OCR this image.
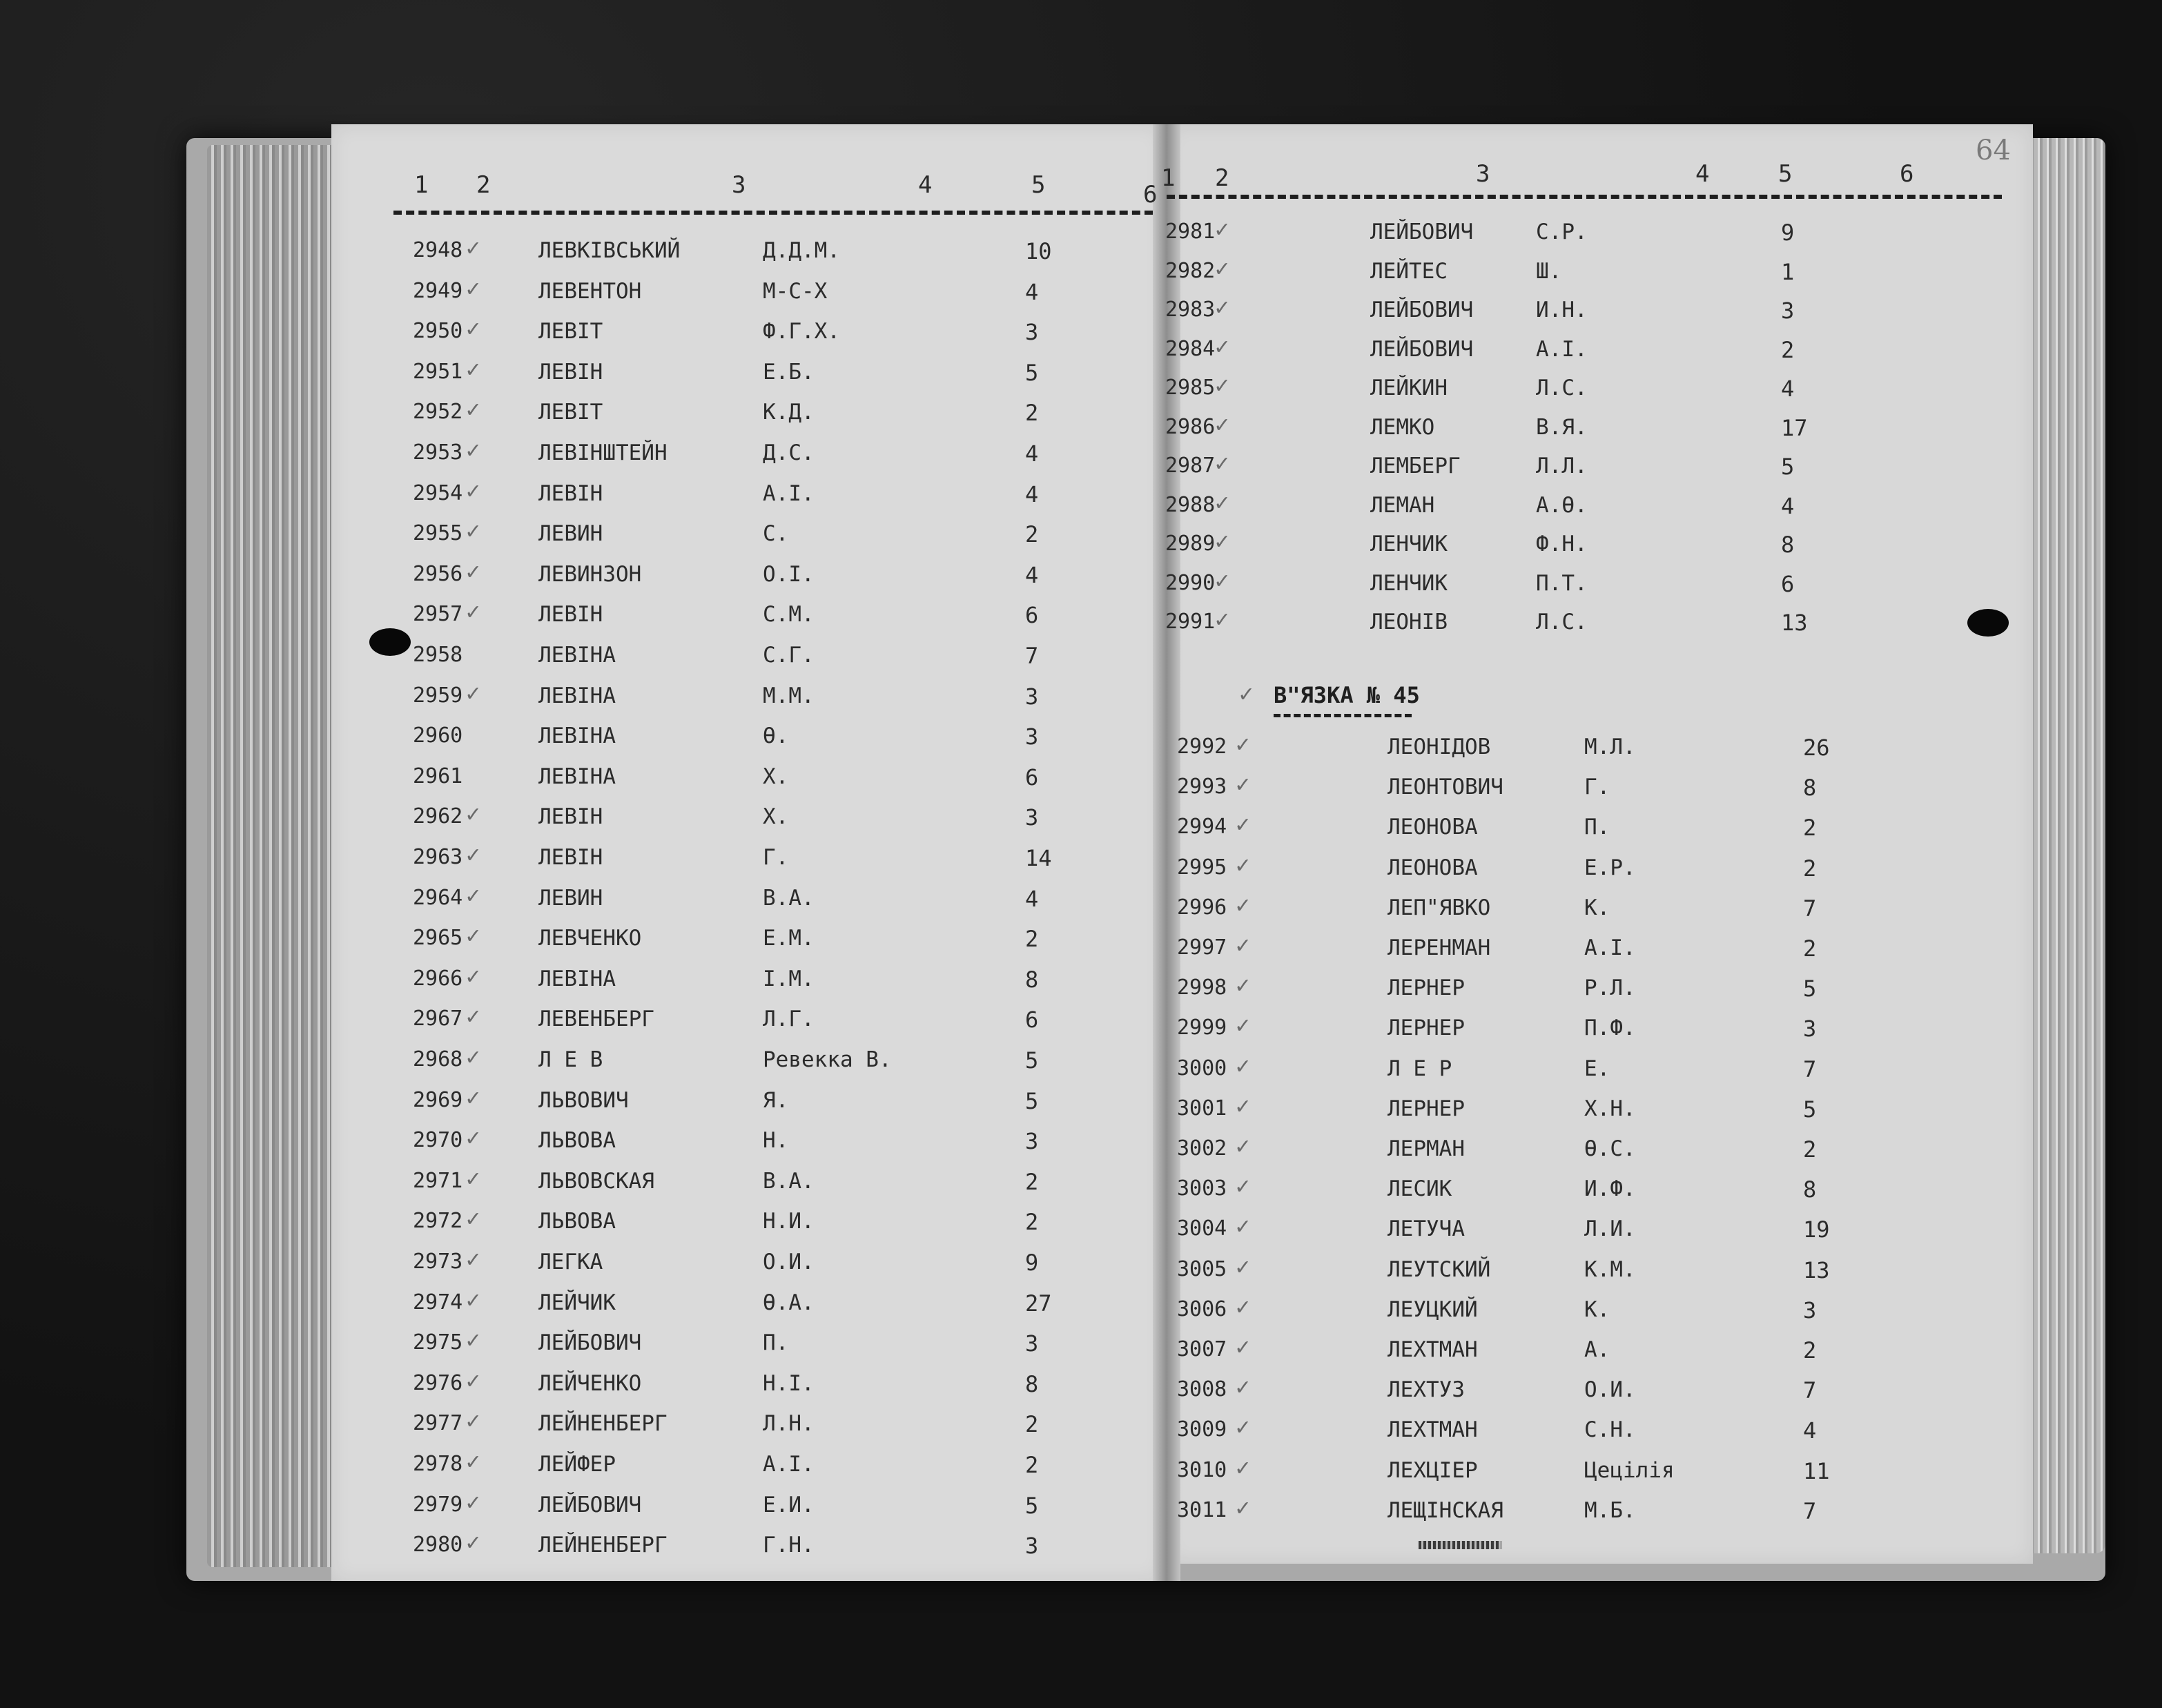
1 2	3	4	5	6
1 2	3	4	5	6
64
2948 ✓	ЛЕВКІВСЬКИЙ	Д.Д.М.	10
2949 ✓	ЛЕВЕНТОН	М-С-Х	4
2950 ✓	ЛЕВІТ	Ф.Г.Х.	3
2951 ✓	ЛЕВІН	Е.Б.	5
2952 ✓	ЛЕВІТ	К.Д.	2
2953 ✓	ЛЕВІНШТЕЙН	Д.С.	4
2954 ✓	ЛЕВІН	А.І.	4
2955 ✓	ЛЕВИН	С.	2
2956 ✓	ЛЕВИНЗОН	О.І.	4
2957 ✓	ЛЕВІН	С.М.	6
2958	ЛЕВІНА	С.Г.	7
2959 ✓	ЛЕВІНА	М.М.	3
2960	ЛЕВІНА	Ѳ.	3
2961	ЛЕВІНА	Х.	6
2962 ✓	ЛЕВІН	Х.	3
2963 ✓	ЛЕВІН	Г.	14
2964 ✓	ЛЕВИН	В.А.	4
2965 ✓	ЛЕВЧЕНКО	Е.М.	2
2966 ✓	ЛЕВІНА	І.М.	8
2967 ✓	ЛЕВЕНБЕРГ	Л.Г.	6
2968 ✓	Л Е В	Ревекка В.	5
2969 ✓	ЛЬВОВИЧ	Я.	5
2970 ✓	ЛЬВОВА	Н.	3
2971 ✓	ЛЬВОВСКАЯ	В.А.	2
2972 ✓	ЛЬВОВА	Н.И.	2
2973 ✓	ЛЕГКА	О.И.	9
2974 ✓	ЛЕЙЧИК	Ѳ.А.	27
2975 ✓	ЛЕЙБОВИЧ	П.	3
2976 ✓	ЛЕЙЧЕНКО	Н.І.	8
2977 ✓	ЛЕЙНЕНБЕРГ	Л.Н.	2
2978 ✓	ЛЕЙФЕР	А.І.	2
2979 ✓	ЛЕЙБОВИЧ	Е.И.	5
2980 ✓	ЛЕЙНЕНБЕРГ	Г.Н.	3
2981 ✓	ЛЕЙБОВИЧ	С.Р.	9
2982 ✓	ЛЕЙТЕС	Ш.	1
2983 ✓	ЛЕЙБОВИЧ	И.Н.	3
2984 ✓	ЛЕЙБОВИЧ	А.І.	2
2985 ✓	ЛЕЙКИН	Л.С.	4
2986 ✓	ЛЕМКО	В.Я.	17
2987 ✓	ЛЕМБЕРГ	Л.Л.	5
2988 ✓	ЛЕМАН	А.Ѳ.	4
2989 ✓	ЛЕНЧИК	Ф.Н.	8
2990 ✓	ЛЕНЧИК	П.Т.	6
2991 ✓	ЛЕОНІВ	Л.С.	13
✓ В"ЯЗКА № 45
2992 ✓	ЛЕОНІДОВ	М.Л.	26
2993 ✓	ЛЕОНТОВИЧ	Г.	8
2994 ✓	ЛЕОНОВА	П.	2
2995 ✓	ЛЕОНОВА	Е.Р.	2
2996 ✓	ЛЕП"ЯВКО	К.	7
2997 ✓	ЛЕРЕНМАН	А.І.	2
2998 ✓	ЛЕРНЕР	Р.Л.	5
2999 ✓	ЛЕРНЕР	П.Ф.	3
3000 ✓	Л Е Р	Е.	7
3001 ✓	ЛЕРНЕР	Х.Н.	5
3002 ✓	ЛЕРМАН	Ѳ.С.	2
3003 ✓	ЛЕСИК	И.Ф.	8
3004 ✓	ЛЕТУЧА	Л.И.	19
3005 ✓	ЛЕУТСКИЙ	К.М.	13
3006 ✓	ЛЕУЦКИЙ	К.	3
3007 ✓	ЛЕХТМАН	А.	2
3008 ✓	ЛЕХТУЗ	О.И.	7
3009 ✓	ЛЕХТМАН	С.Н.	4
3010 ✓	ЛЕХЦІЕР	Цецілія	11
3011 ✓	ЛЕЩІНСКАЯ	М.Б.	7
